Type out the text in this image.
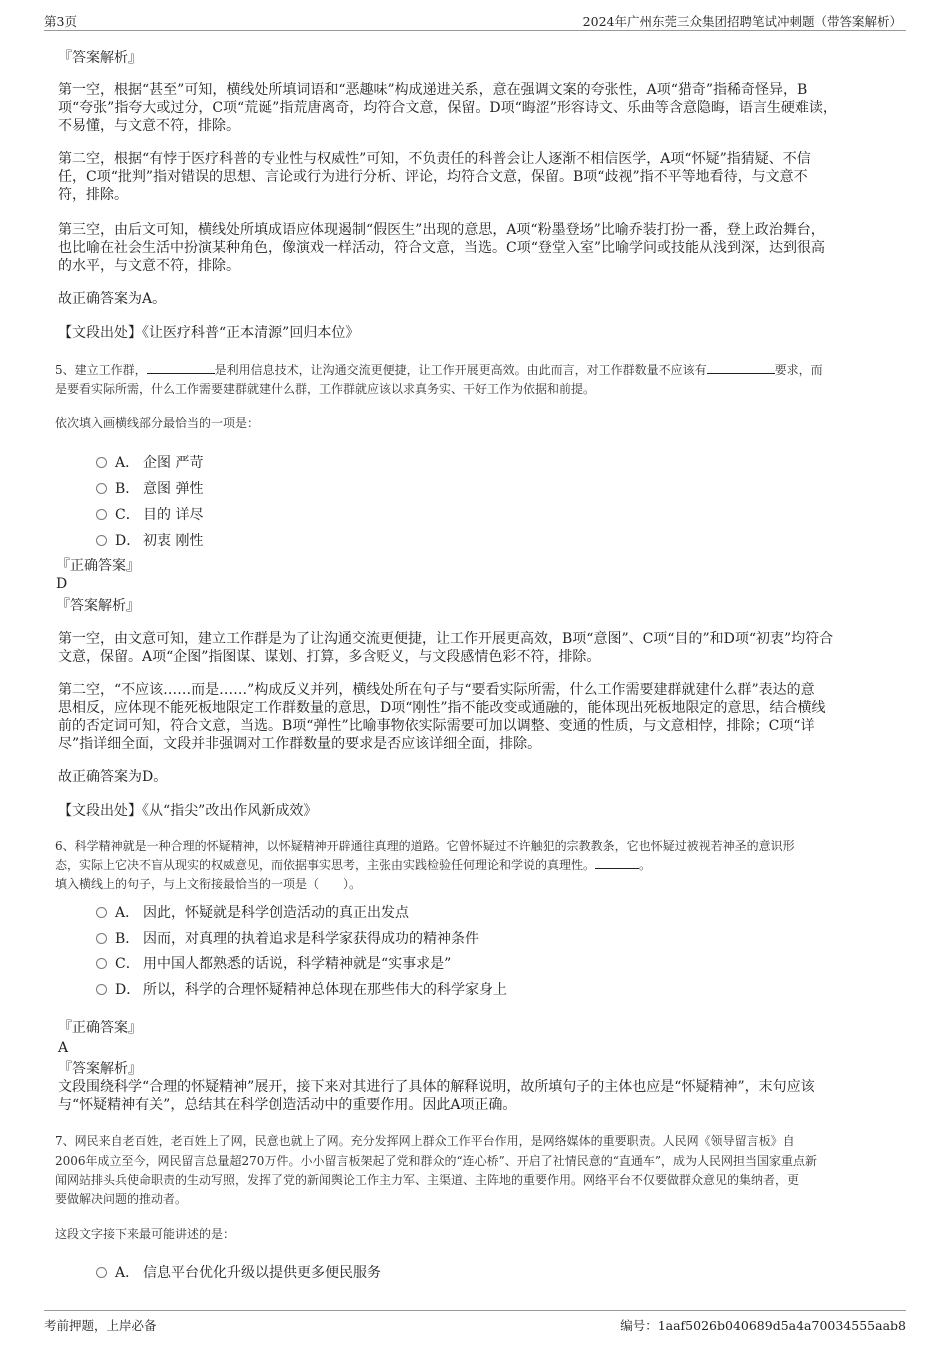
第3页	2024年广州东莞三众集团招聘笔试冲刺题（带答案解析）
『答案解析』
第一空，根据“甚至”可知，横线处所填词语和“恶趣味”构成递进关系，意在强调文案的夸张性，A项“猎奇”指稀奇怪异，B
项“夸张”指夸大或过分，C项“荒诞”指荒唐离奇，均符合文意，保留。D项“晦涩”形容诗文、乐曲等含意隐晦，语言生硬难读，
不易懂，与文意不符，排除。
第二空，根据“有悖于医疗科普的专业性与权威性”可知，不负责任的科普会让人逐渐不相信医学，A项“怀疑”指猜疑、不信
任，C项“批判”指对错误的思想、言论或行为进行分析、评论，均符合文意，保留。B项“歧视”指不平等地看待，与文意不
符，排除。
第三空，由后文可知，横线处所填成语应体现遏制“假医生”出现的意思，A项“粉墨登场”比喻乔装打扮一番，登上政治舞台，
也比喻在社会生活中扮演某种角色，像演戏一样活动，符合文意，当选。C项“登堂入室”比喻学问或技能从浅到深，达到很高
的水平，与文意不符，排除。
故正确答案为A。
【文段出处】《让医疗科普“正本清源”回归本位》
5、建立工作群，	是利用信息技术，让沟通交流更便捷，让工作开展更高效。由此而言，对工作群数量不应该有	要求，而
是要看实际所需，什么工作需要建群就建什么群，工作群就应该以求真务实、干好工作为依据和前提。
依次填入画横线部分最恰当的一项是：
A． 企图 严苛
B． 意图 弹性
C． 目的 详尽
D． 初衷 刚性
『正确答案』
D
『答案解析』
第一空，由文意可知，建立工作群是为了让沟通交流更便捷，让工作开展更高效，B项“意图”、C项“目的”和D项“初衷”均符合
文意，保留。A项“企图”指图谋、谋划、打算，多含贬义，与文段感情色彩不符，排除。
第二空，“不应该……而是……”构成反义并列，横线处所在句子与“要看实际所需，什么工作需要建群就建什么群”表达的意
思相反，应体现不能死板地限定工作群数量的意思，D项“刚性”指不能改变或通融的，能体现出死板地限定的意思，结合横线
前的否定词可知，符合文意，当选。B项“弹性”比喻事物依实际需要可加以调整、变通的性质，与文意相悖，排除；C项“详
尽”指详细全面，文段并非强调对工作群数量的要求是否应该详细全面，排除。
故正确答案为D。
【文段出处】《从“指尖”改出作风新成效》
6、科学精神就是一种合理的怀疑精神，以怀疑精神开辟通往真理的道路。它曾怀疑过不许触犯的宗教教条，它也怀疑过被视若神圣的意识形
态，实际上它决不盲从现实的权威意见，而依据事实思考，主张由实践检验任何理论和学说的真理性。	。
填入横线上的句子，与上文衔接最恰当的一项是（　　）。
A． 因此，怀疑就是科学创造活动的真正出发点
B． 因而，对真理的执着追求是科学家获得成功的精神条件
C． 用中国人都熟悉的话说，科学精神就是“实事求是”
D． 所以，科学的合理怀疑精神总体现在那些伟大的科学家身上
『正确答案』
A
『答案解析』
文段围绕科学“合理的怀疑精神”展开，接下来对其进行了具体的解释说明，故所填句子的主体也应是“怀疑精神”，末句应该
与“怀疑精神有关”，总结其在科学创造活动中的重要作用。因此A项正确。
7、网民来自老百姓，老百姓上了网，民意也就上了网。充分发挥网上群众工作平台作用，是网络媒体的重要职责。人民网《领导留言板》自
2006年成立至今，网民留言总量超270万件。小小留言板架起了党和群众的“连心桥”、开启了社情民意的“直通车”，成为人民网担当国家重点新
闻网站排头兵使命职责的生动写照，发挥了党的新闻舆论工作主力军、主渠道、主阵地的重要作用。网络平台不仅要做群众意见的集纳者，更
要做解决问题的推动者。
这段文字接下来最可能讲述的是：
A． 信息平台优化升级以提供更多便民服务
考前押题，上岸必备	编号：1aaf5026b040689d5a4a70034555aab8
